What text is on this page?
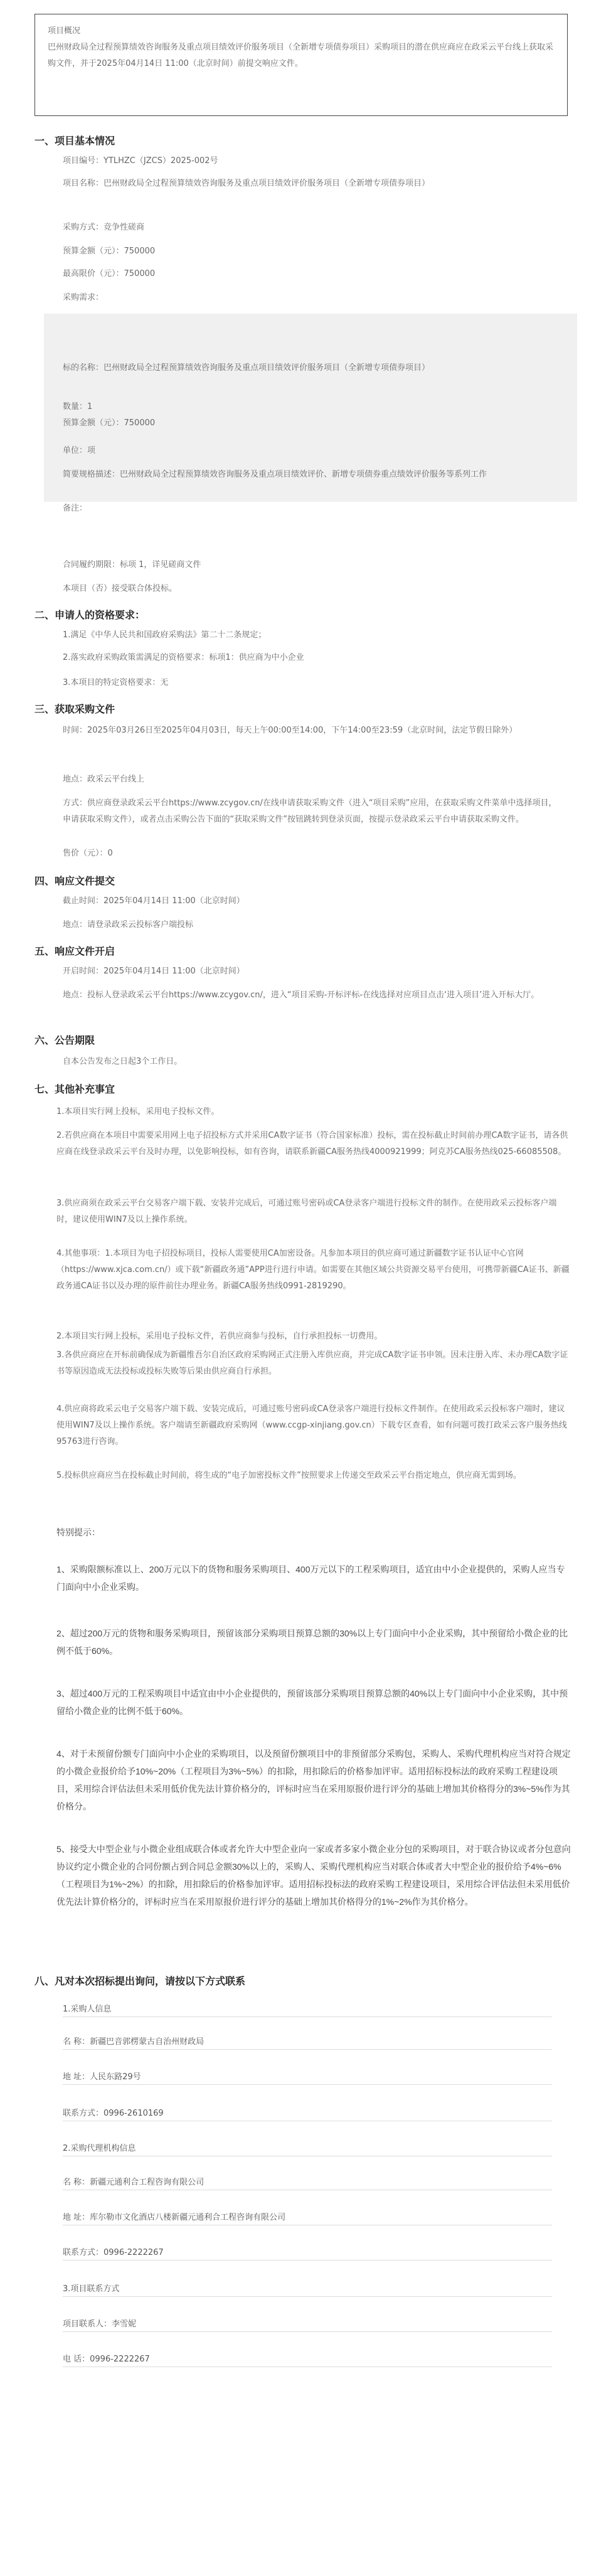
项目概况

巴州财政局全过程预算绩效咨询服务及重点项目绩效评价服务项目（全新增专项债券项目）采购项目的潜在供应商应在政采云平台线上获取采购文件，并于2025年04月14日 11:00（北京时间）前提交响应文件。

一、项目基本情况
项目编号：YTLHZC（JZCS）2025-002号
项目名称：巴州财政局全过程预算绩效咨询服务及重点项目绩效评价服务项目（全新增专项债券项目）
采购方式：竞争性磋商
预算金额（元）：750000
最高限价（元）：750000
采购需求：
标的名称：巴州财政局全过程预算绩效咨询服务及重点项目绩效评价服务项目（全新增专项债券项目）
数量：1
预算金额（元）：750000
单位：项
简要规格描述：巴州财政局全过程预算绩效咨询服务及重点项目绩效评价、新增专项债券重点绩效评价服务等系列工作
备注：
合同履约期限：标项 1，详见磋商文件
本项目（否）接受联合体投标。
二、申请人的资格要求：
1.满足《中华人民共和国政府采购法》第二十二条规定；
2.落实政府采购政策需满足的资格要求：标项1：供应商为中小企业
3.本项目的特定资格要求：无
三、获取采购文件
时间：2025年03月26日至2025年04月03日，每天上午00:00至14:00，下午14:00至23:59（北京时间，法定节假日除外）
地点：政采云平台线上
方式：供应商登录政采云平台https://www.zcygov.cn/在线申请获取采购文件（进入“项目采购”应用，在获取采购文件菜单中选择项目，申请获取采购文件），或者点击采购公告下面的“获取采购文件”按钮跳转到登录页面，按提示登录政采云平台申请获取采购文件。
售价（元）：0
四、响应文件提交
截止时间：2025年04月14日 11:00（北京时间）
地点：请登录政采云投标客户端投标
五、响应文件开启
开启时间：2025年04月14日 11:00（北京时间）
地点：投标人登录政采云平台https://www.zcygov.cn/，进入“项目采购-开标评标-在线选择对应项目点击‘进入项目’进入开标大厅。
六、公告期限
自本公告发布之日起3个工作日。
七、其他补充事宜
1.本项目实行网上投标，采用电子投标文件。
2.若供应商在本项目中需要采用网上电子招投标方式并采用CA数字证书（符合国家标准）投标，需在投标截止时间前办理CA数字证书，请各供应商在线登录政采云平台及时办理，以免影响投标，如有咨询，请联系新疆CA服务热线4000921999；阿克苏CA服务热线025-66085508。
3.供应商须在政采云平台交易客户端下载、安装并完成后，可通过账号密码或CA登录客户端进行投标文件的制作。在使用政采云投标客户端时，建议使用WIN7及以上操作系统。
4.其他事项：1.本项目为电子招投标项目，投标人需要使用CA加密设备。凡参加本项目的供应商可通过新疆数字证书认证中心官网（https://www.xjca.com.cn/）或下载“新疆政务通”APP进行进行申请。如需要在其他区域公共资源交易平台使用，可携带新疆CA证书、新疆政务通CA证书以及办理的原件前往办理业务。新疆CA服务热线0991-2819290。
2.本项目实行网上投标，采用电子投标文件，若供应商参与投标，自行承担投标一切费用。
3.各供应商应在开标前确保成为新疆维吾尔自治区政府采购网正式注册入库供应商，并完成CA数字证书申领。因未注册入库、未办理CA数字证书等原因造成无法投标或投标失败等后果由供应商自行承担。
4.供应商将政采云电子交易客户端下载、安装完成后，可通过账号密码或CA登录客户端进行投标文件制作。在使用政采云投标客户端时，建议使用WIN7及以上操作系统。客户端请至新疆政府采购网（www.ccgp-xinjiang.gov.cn）下载专区查看，如有问题可拨打政采云客户服务热线95763进行咨询。
5.投标供应商应当在投标截止时间前，将生成的“电子加密投标文件”按照要求上传递交至政采云平台指定地点，供应商无需到场。
特别提示：
1、采购限额标准以上、200万元以下的货物和服务采购项目、400万元以下的工程采购项目，适宜由中小企业提供的，采购人应当专门面向中小企业采购。
2、超过200万元的货物和服务采购项目，预留该部分采购项目预算总额的30%以上专门面向中小企业采购，其中预留给小微企业的比例不低于60%。
3、超过400万元的工程采购项目中适宜由中小企业提供的，预留该部分采购项目预算总额的40%以上专门面向中小企业采购，其中预留给小微企业的比例不低于60%。
4、对于未预留份额专门面向中小企业的采购项目，以及预留份额项目中的非预留部分采购包，采购人、采购代理机构应当对符合规定的小微企业报价给予10%~20%（工程项目为3%~5%）的扣除，用扣除后的价格参加评审。适用招标投标法的政府采购工程建设项目，采用综合评估法但未采用低价优先法计算价格分的，评标时应当在采用原报价进行评分的基础上增加其价格得分的3%~5%作为其价格分。
5、接受大中型企业与小微企业组成联合体或者允许大中型企业向一家或者多家小微企业分包的采购项目，对于联合协议或者分包意向协议约定小微企业的合同份额占到合同总金额30%以上的，采购人、采购代理机构应当对联合体或者大中型企业的报价给予4%~6%（工程项目为1%~2%）的扣除，用扣除后的价格参加评审。适用招标投标法的政府采购工程建设项目，采用综合评估法但未采用低价优先法计算价格分的，评标时应当在采用原报价进行评分的基础上增加其价格得分的1%~2%作为其价格分。
八、凡对本次招标提出询问，请按以下方式联系
1.采购人信息
名 称：新疆巴音郭楞蒙古自治州财政局
地 址：人民东路29号
联系方式：0996-2610169
2.采购代理机构信息
名 称：新疆元通利合工程咨询有限公司
地 址：库尔勒市文化酒店八楼新疆元通利合工程咨询有限公司
联系方式：0996-2222267
3.项目联系方式
项目联系人：李雪妮
电 话：0996-2222267
